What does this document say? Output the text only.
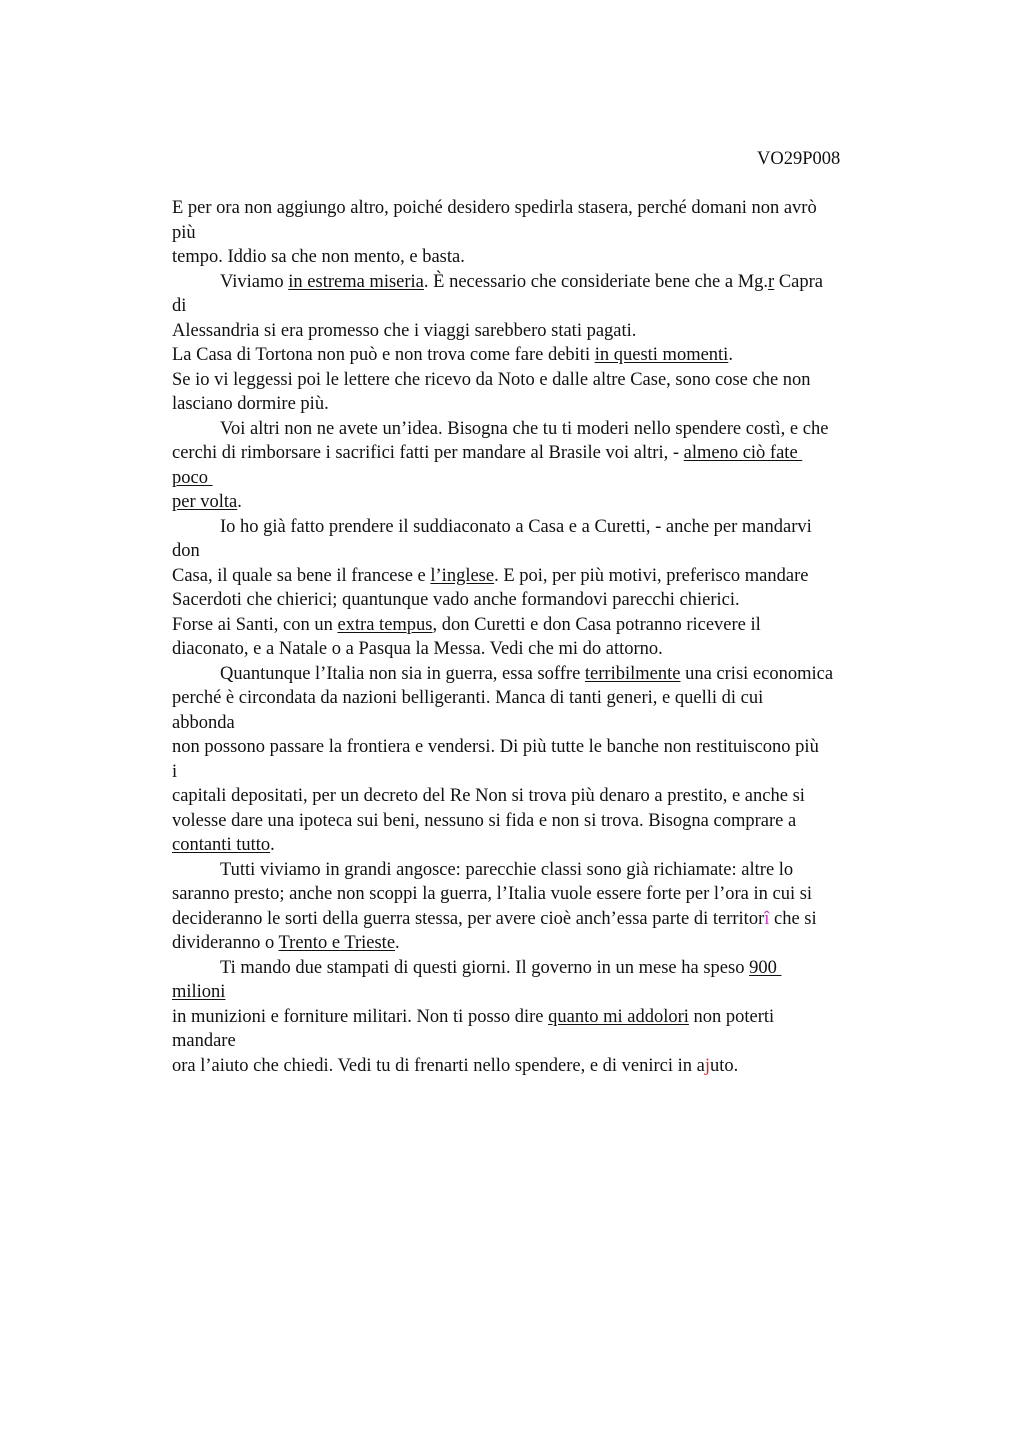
VO29P008
E per ora non aggiungo altro, poiché desidero spedirla stasera, perché domani non avrò
più
tempo. Iddio sa che non mento, e basta.
Viviamo in estrema miseria. È necessario che consideriate bene che a Mg.r Capra
di
Alessandria si era promesso che i viaggi sarebbero stati pagati.
La Casa di Tortona non può e non trova come fare debiti in questi momenti.
Se io vi leggessi poi le lettere che ricevo da Noto e dalle altre Case, sono cose che non
lasciano dormire più.
Voi altri non ne avete un’idea. Bisogna che tu ti moderi nello spendere costì, e che
cerchi di rimborsare i sacrifici fatti per mandare al Brasile voi altri, - almeno ciò fate
poco
per volta.
Io ho già fatto prendere il suddiaconato a Casa e a Curetti, - anche per mandarvi
don
Casa, il quale sa bene il francese e l’inglese. E poi, per più motivi, preferisco mandare
Sacerdoti che chierici; quantunque vado anche formandovi parecchi chierici.
Forse ai Santi, con un extra tempus, don Curetti e don Casa potranno ricevere il
diaconato, e a Natale o a Pasqua la Messa. Vedi che mi do attorno.
Quantunque l’Italia non sia in guerra, essa soffre terribilmente una crisi economica
perché è circondata da nazioni belligeranti. Manca di tanti generi, e quelli di cui
abbonda
non possono passare la frontiera e vendersi. Di più tutte le banche non restituiscono più
i
capitali depositati, per un decreto del Re Non si trova più denaro a prestito, e anche si
volesse dare una ipoteca sui beni, nessuno si fida e non si trova. Bisogna comprare a
contanti tutto.
Tutti viviamo in grandi angosce: parecchie classi sono già richiamate: altre lo
saranno presto; anche non scoppi la guerra, l’Italia vuole essere forte per l’ora in cui si
decideranno le sorti della guerra stessa, per avere cioè anch’essa parte di territorî che si
divideranno o Trento e Trieste.
Ti mando due stampati di questi giorni. Il governo in un mese ha speso 900
milioni
in munizioni e forniture militari. Non ti posso dire quanto mi addolori non poterti
mandare
ora l’aiuto che chiedi. Vedi tu di frenarti nello spendere, e di venirci in ajuto.
